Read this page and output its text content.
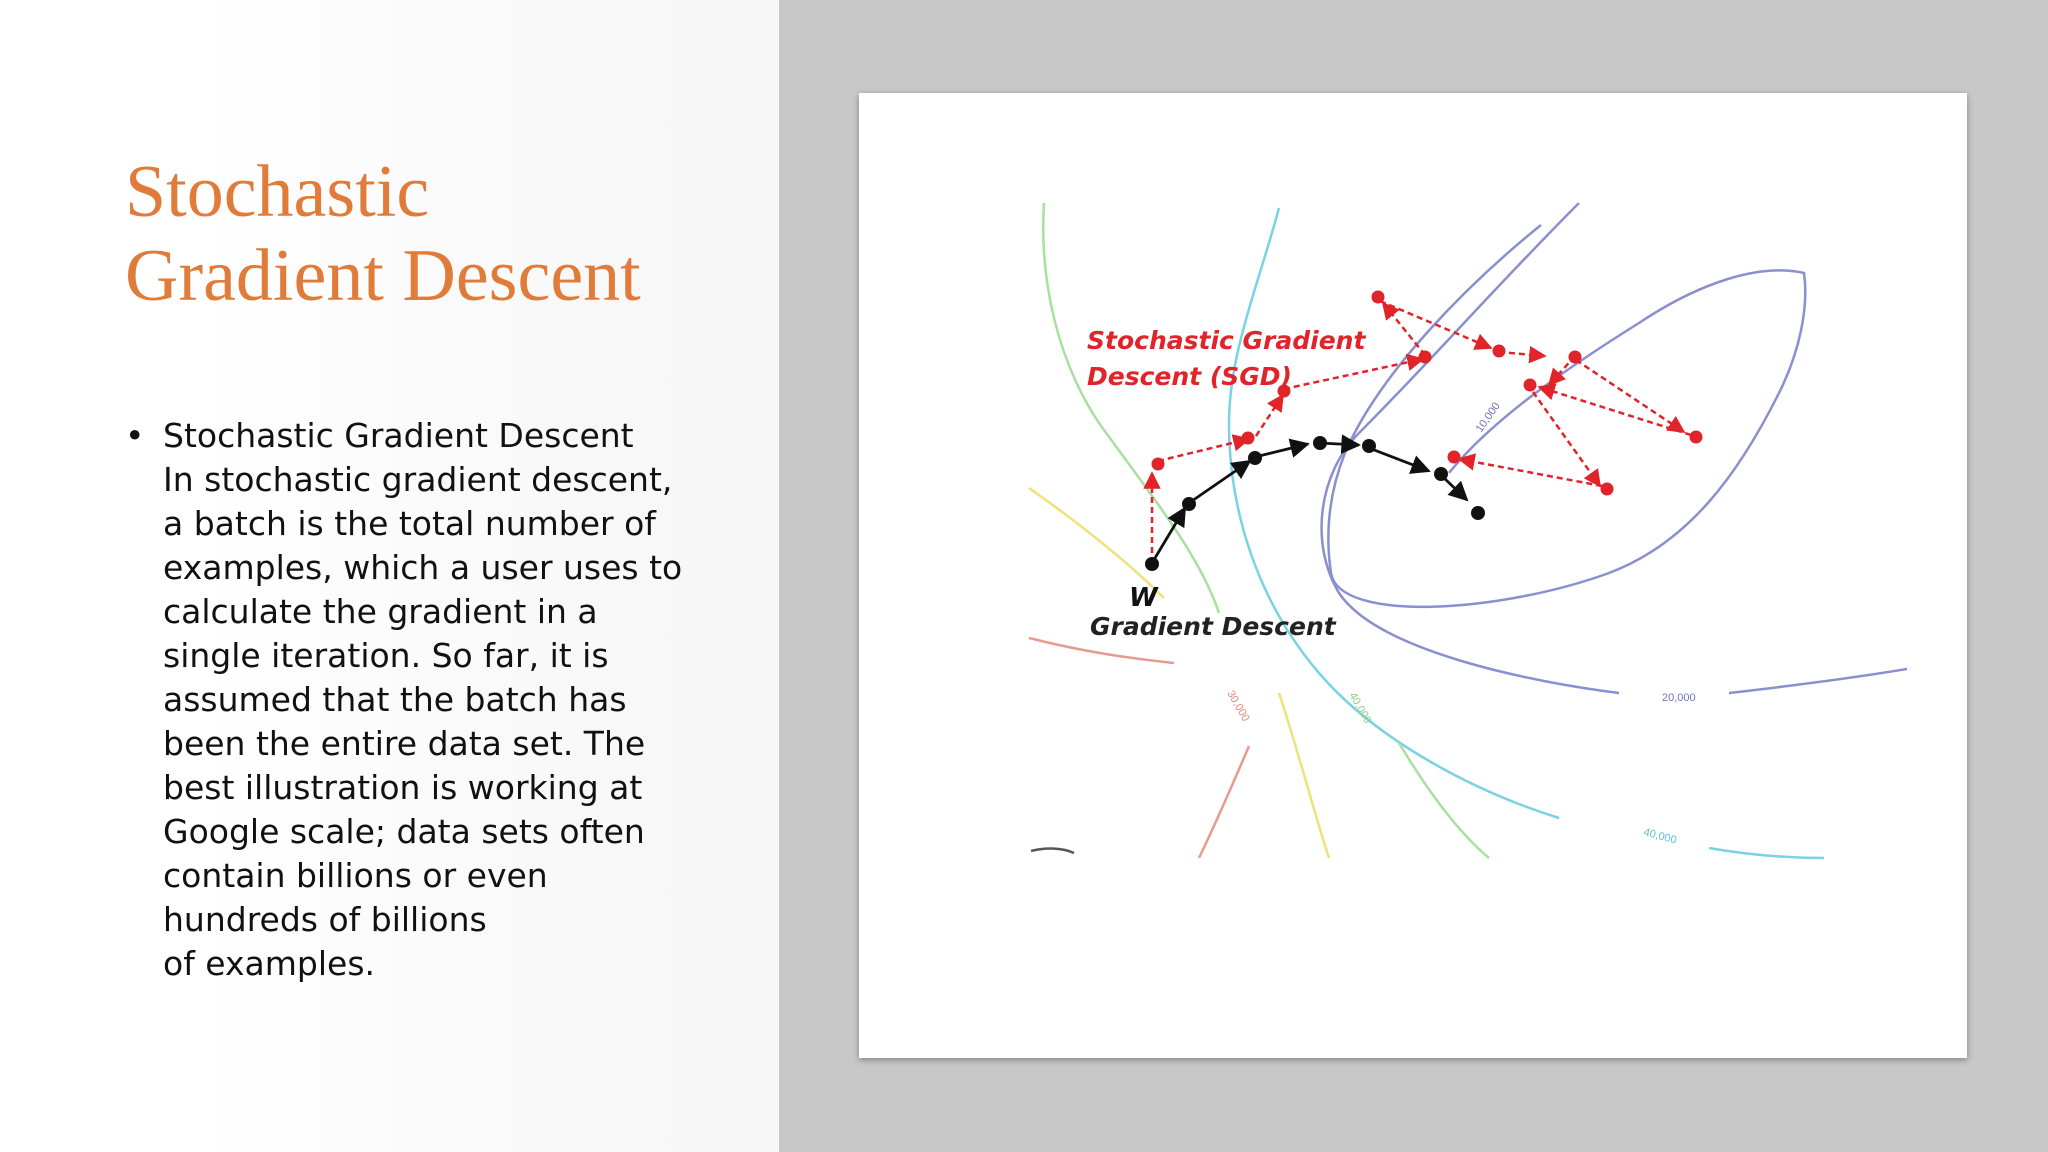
Stochastic
Gradient Descent
• Stochastic Gradient Descent
In stochastic gradient descent,
a batch is the total number of
examples, which a user uses to
calculate the gradient in a
single iteration. So far, it is
assumed that the batch has
been the entire data set. The
best illustration is working at
Google scale; data sets often
contain billions or even
hundreds of billions
of examples.
10,000
20,000
30,000	40,000
40,000
Stochastic Gradient
Descent (SGD)
W
Gradient Descent
